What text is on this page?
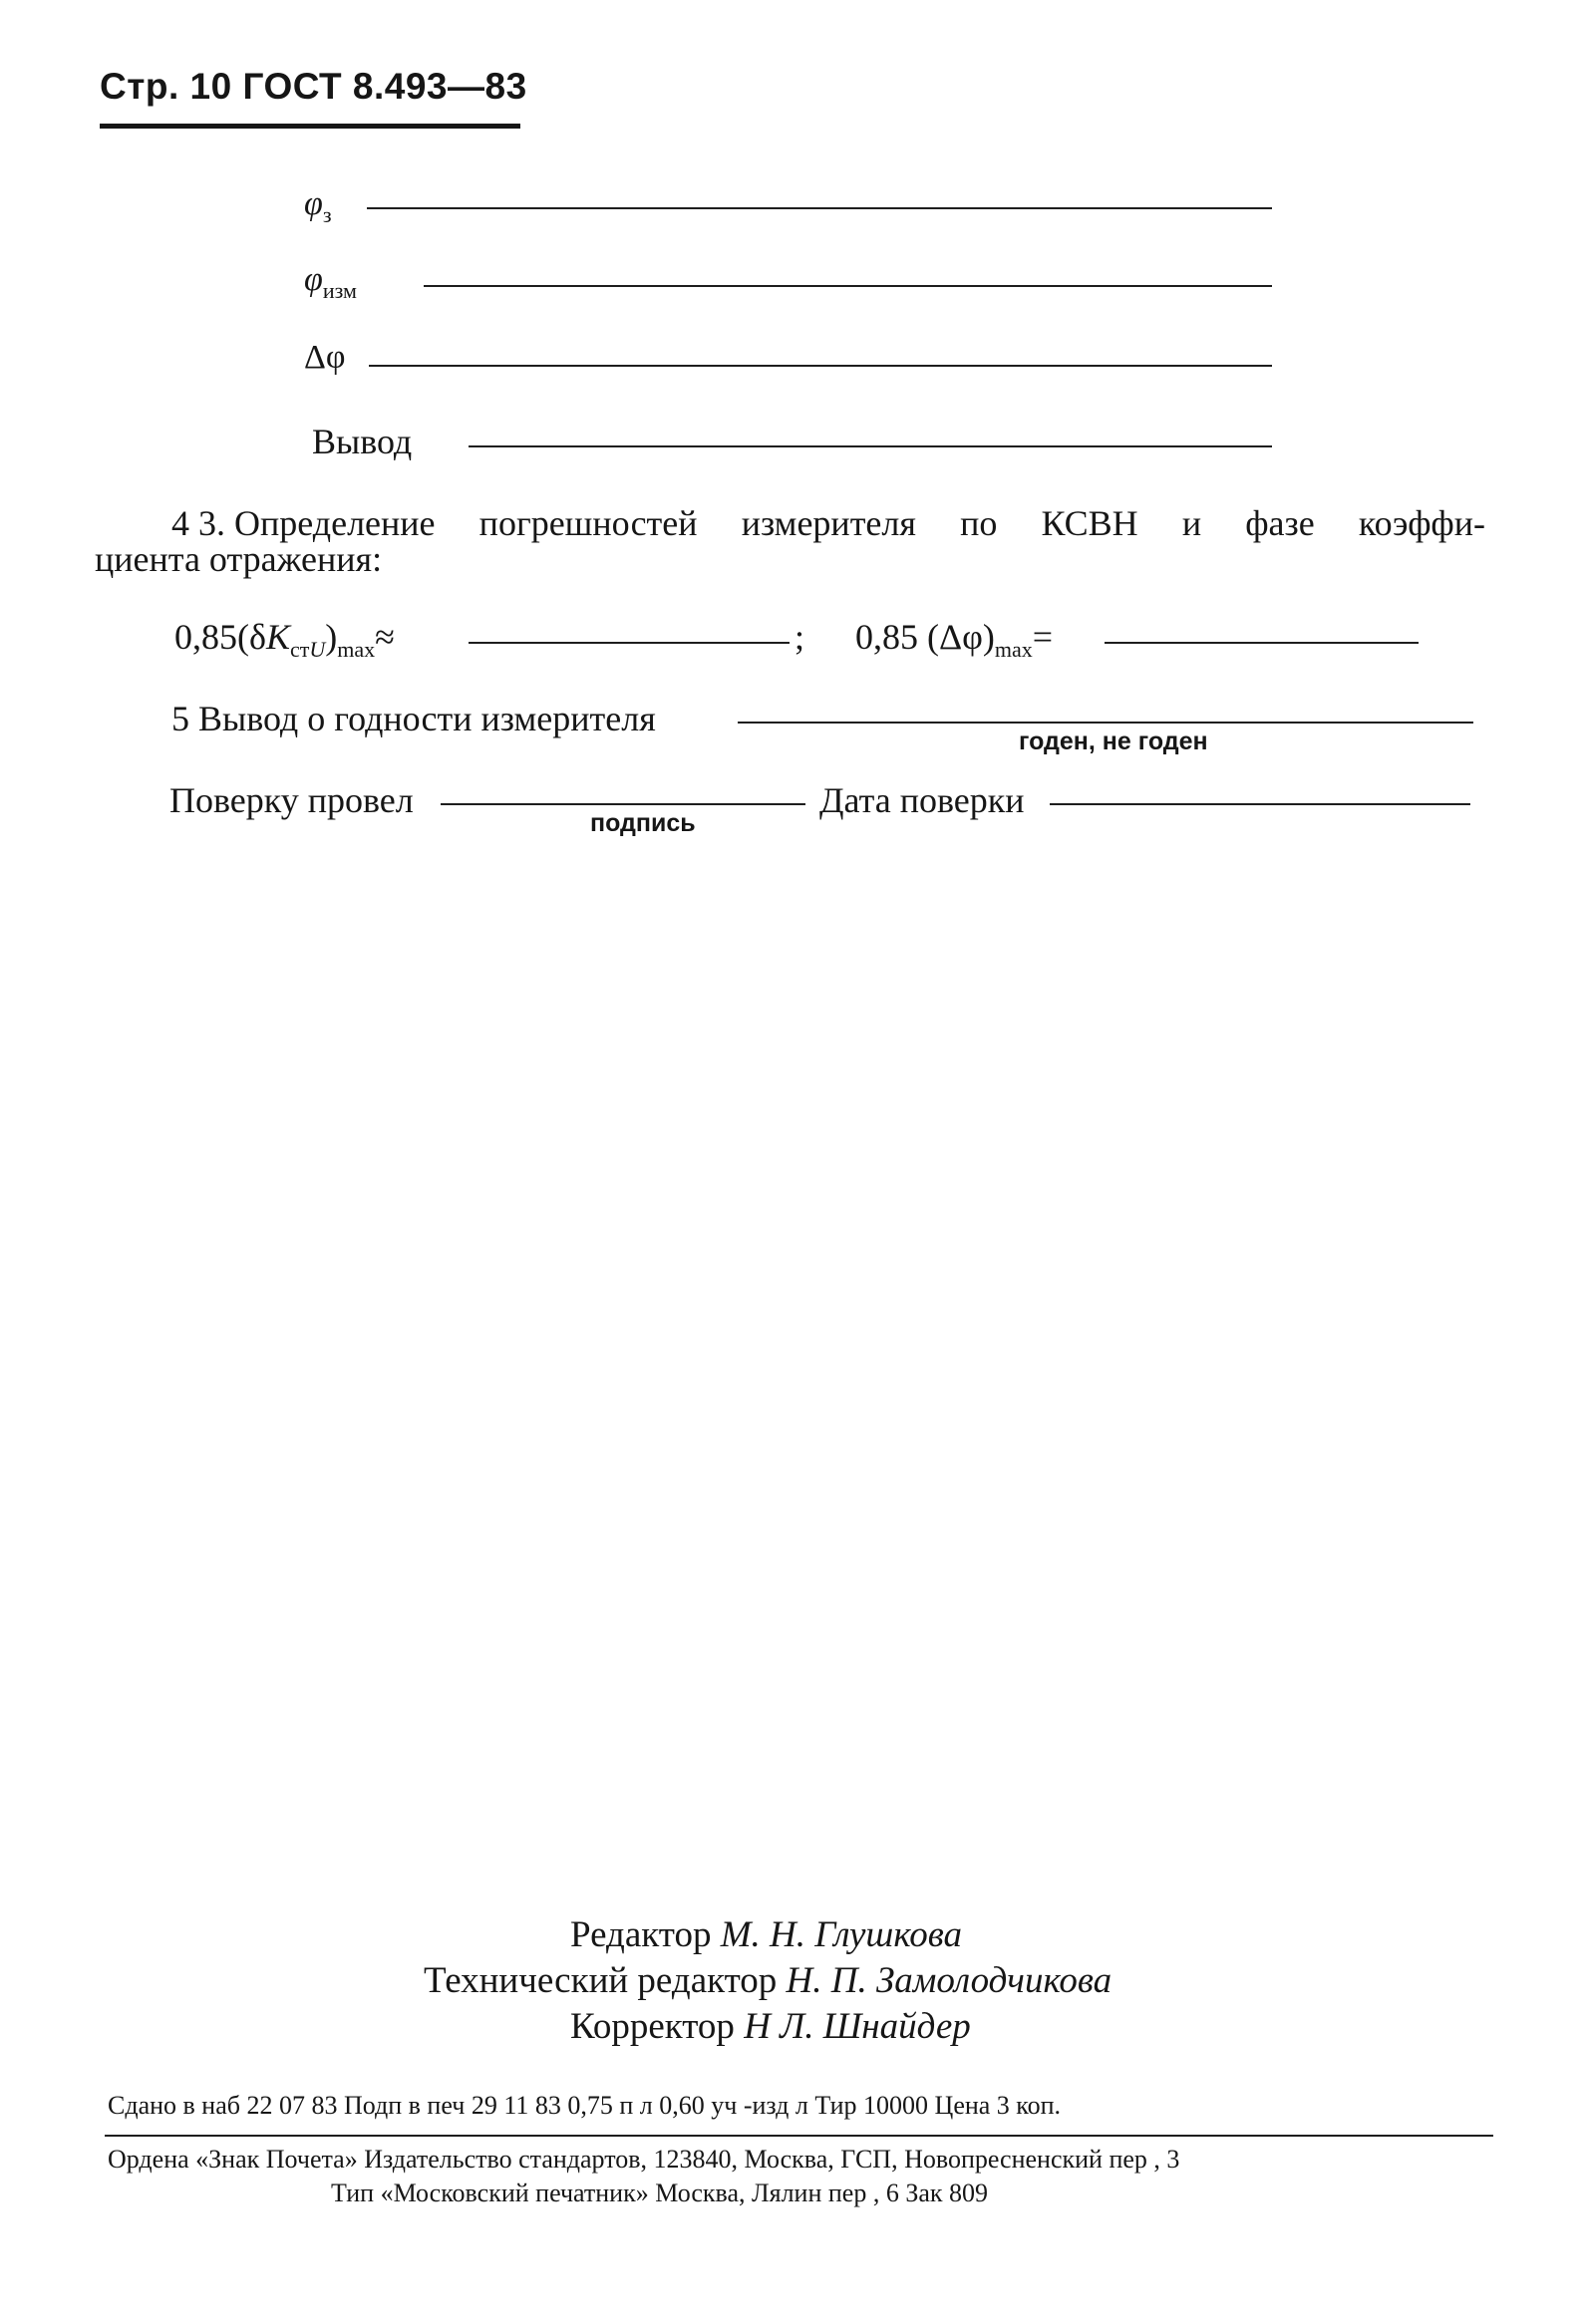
Стр. 10 ГОСТ 8.493—83
$\varphi_з$
$\varphi_{изм}$
Δφ
Вывод
4 3. Определение погрешностей измерителя по КСВН и фазе коэффи-
циента отражения:
$0,85(\delta K_{стU})_{max}\approx$	; 0,85 $(\Delta\varphi)_{max}=$
5 Вывод о годности измерителя
годен, не годен
Поверку провел
подпись
Дата поверки
Редактор М. Н. Глушкова
Технический редактор Н. П. Замолодчикова
Корректор Н Л. Шнайдер
Сдано в наб 22 07 83 Подп в печ 29 11 83 0,75 п л 0,60 уч -изд л Тир 10000 Цена 3 коп.
Ордена «Знак Почета» Издательство стандартов, 123840, Москва, ГСП, Новопресненский пер , 3
Тип «Московский печатник» Москва, Лялин пер , 6 Зак 809
